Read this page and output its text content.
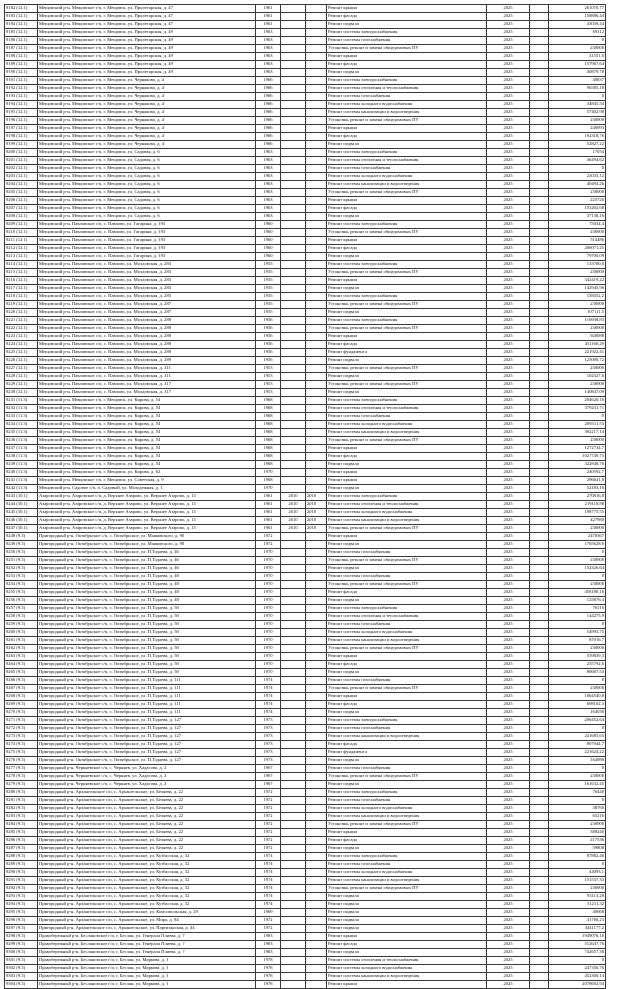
9182 (12.1)	Мещовский р-н, Мещовское г/п, г. Мещовск, ул. Пролетарская, д. 47	1961			Ремонт крыши	2025		261070,77
9183 (12.1)	Мещовский р-н, Мещовское г/п, г. Мещовск, ул. Пролетарская, д. 47	1961			Ремонт фасада	2025		158886,44
9184 (12.1)	Мещовский р-н, Мещовское г/п, г. Мещовск, ул. Пролетарская, д. 47	1961			Ремонт подвала	2025		43039,44
9185 (12.1)	Мещовский р-н, Мещовское г/п, г. Мещовск, ул. Пролетарская, д. 49	1963			Ремонт системы электроснабжения	2025		69112
9186 (12.1)	Мещовский р-н, Мещовское г/п, г. Мещовск, ул. Пролетарская, д. 49	1963			Ремонт системы газоснабжения	2025		0
9187 (12.1)	Мещовский р-н, Мещовское г/п, г. Мещовск, ул. Пролетарская, д. 49	1963			Установка, ремонт и замена общедомовых ПУ	2025		230000
9188 (12.1)	Мещовский р-н, Мещовское г/п, г. Мещовск, ул. Пролетарская, д. 49	1963			Ремонт крыши	2025		31551,0
9189 (12.1)	Мещовский р-н, Мещовское г/п, г. Мещовск, ул. Пролетарская, д. 49	1963			Ремонт фасада	2025		157967,64
9190 (12.1)	Мещовский р-н, Мещовское г/п, г. Мещовск, ул. Пролетарская, д. 49	1963			Ремонт подвала	2025		40879,78
9191 (12.1)	Мещовский р-н, Мещовское г/п, г. Мещовск, ул. Чернякова, д. 4	1966			Ремонт системы электроснабжения	2025		40837
9192 (12.1)	Мещовский р-н, Мещовское г/п, г. Мещовск, ул. Чернякова, д. 4	1966			Ремонт системы отопления и теплоснабжения	2025		96585,18
9193 (12.1)	Мещовский р-н, Мещовское г/п, г. Мещовск, ул. Чернякова, д. 4	1966			Ремонт системы газоснабжения	2025		0
9194 (12.1)	Мещовский р-н, Мещовское г/п, г. Мещовск, ул. Чернякова, д. 4	1966			Ремонт системы холодного водоснабжения	2025		34845,54
9195 (12.1)	Мещовский р-н, Мещовское г/п, г. Мещовск, ул. Чернякова, д. 4	1966			Ремонт системы канализации и водоотведения	2025		57402,98
9196 (12.1)	Мещовский р-н, Мещовское г/п, г. Мещовск, ул. Чернякова, д. 4	1966			Установка, ремонт и замена общедомовых ПУ	2025		230000
9197 (12.1)	Мещовский р-н, Мещовское г/п, г. Мещовск, ул. Чернякова, д. 4	1966			Ремонт крыши	2025		240093
9198 (12.1)	Мещовский р-н, Мещовское г/п, г. Мещовск, ул. Чернякова, д. 4	1966			Ремонт фасада	2025		192318,76
9199 (12.1)	Мещовский р-н, Мещовское г/п, г. Мещовск, ул. Чернякова, д. 4	1966			Ремонт подвала	2025		52827,22
9200 (12.1)	Мещовский р-н, Мещовское г/п, г. Мещовск, ул. Садовая, д. 6	1963			Ремонт системы электроснабжения	2025		17034
9201 (12.1)	Мещовский р-н, Мещовское г/п, г. Мещовск, ул. Садовая, д. 6	1963			Ремонт системы отопления и теплоснабжения	2025		46494,62
9202 (12.1)	Мещовский р-н, Мещовское г/п, г. Мещовск, ул. Садовая, д. 6	1963			Ремонт системы газоснабжения	2025		0
9203 (12.1)	Мещовский р-н, Мещовское г/п, г. Мещовск, ул. Садовая, д. 6	1963			Ремонт системы холодного водоснабжения	2025		23035,12
9204 (12.1)	Мещовский р-н, Мещовское г/п, г. Мещовск, ул. Садовая, д. 6	1963			Ремонт системы канализации и водоотведения	2025		40494,26
9205 (12.1)	Мещовский р-н, Мещовское г/п, г. Мещовск, ул. Садовая, д. 6	1963			Установка, ремонт и замена общедомовых ПУ	2025		230000
9206 (12.1)	Мещовский р-н, Мещовское г/п, г. Мещовск, ул. Садовая, д. 6	1963			Ремонт крыши	2025		225720
9207 (12.1)	Мещовский р-н, Мещовское г/п, г. Мещовск, ул. Садовая, д. 6	1963			Ремонт фасада	2025		155202,68
9208 (12.1)	Мещовский р-н, Мещовское г/п, г. Мещовск, ул. Садовая, д. 6	1963			Ремонт подвала	2025		37138,16
9209 (12.1)	Мещовский р-н, Павловское с/п, с. Павлово, ул. Гагарина, д. 193	1960			Ремонт системы электроснабжения	2025		75034,4
9210 (12.1)	Мещовский р-н, Павловское с/п, с. Павлово, ул. Гагарина, д. 193	1960			Установка, ремонт и замена общедомовых ПУ	2025		230000
9211 (12.1)	Мещовский р-н, Павловское с/п, с. Павлово, ул. Гагарина, д. 193	1960			Ремонт крыши	2025		514486
9212 (12.1)	Мещовский р-н, Павловское с/п, с. Павлово, ул. Гагарина, д. 193	1960			Ремонт фасада	2025		206071,25
9213 (12.1)	Мещовский р-н, Павловское с/п, с. Павлово, ул. Гагарина, д. 193	1960			Ремонт подвала	2025		79700,09
9214 (12.1)	Мещовский р-н, Павловское с/п, с. Павлово, ул. Молдовская, д. 283	1955			Ремонт системы электроснабжения	2025		133780,0
9215 (12.1)	Мещовский р-н, Павловское с/п, с. Павлово, ул. Молдовская, д. 283	1955			Установка, ремонт и замена общедомовых ПУ	2025		230000
9216 (12.1)	Мещовский р-н, Павловское с/п, с. Павлово, ул. Молдовская, д. 283	1955			Ремонт крыши	2025		342419,22
9217 (12.1)	Мещовский р-н, Павловское с/п, с. Павлово, ул. Молдовская, д. 283	1955			Ремонт подвала	2025		142945,96
9218 (12.1)	Мещовский р-н, Павловское с/п, с. Павлово, ул. Молдовская, д. 285	1955			Ремонт системы электроснабжения	2025		158352,2
9219 (12.1)	Мещовский р-н, Павловское с/п, с. Павлово, ул. Молдовская, д. 287	1955			Установка, ремонт и замена общедомовых ПУ	2025		230000
9220 (12.1)	Мещовский р-н, Павловское с/п, с. Павлово, ул. Молдовская, д. 287	1955			Ремонт подвала	2025		107111,5
9221 (12.1)	Мещовский р-н, Павловское с/п, с. Павлово, ул. Молдовская, д. 289	1956			Ремонт системы электроснабжения	2025		116938,83
9222 (12.1)	Мещовский р-н, Павловское с/п, с. Павлово, ул. Молдовская, д. 289	1956			Установка, ремонт и замена общедомовых ПУ	2025		230000
9223 (12.1)	Мещовский р-н, Павловское с/п, с. Павлово, ул. Молдовская, д. 289	1956			Ремонт крыши	2025		920088
9224 (12.1)	Мещовский р-н, Павловское с/п, с. Павлово, ул. Молдовская, д. 289	1956			Ремонт фасада	2025		451160,29
9225 (12.1)	Мещовский р-н, Павловское с/п, с. Павлово, ул. Молдовская, д. 289	1956			Ремонт фундамента	2025		221922,41
9226 (12.1)	Мещовский р-н, Павловское с/п, с. Павлово, ул. Молдовская, д. 289	1956			Ремонт подвала	2025		125000,72
9227 (12.1)	Мещовский р-н, Павловское с/п, с. Павлово, ул. Молдовская, д. 311	1953			Установка, ремонт и замена общедомовых ПУ	2025		230000
9228 (12.1)	Мещовский р-н, Павловское с/п, с. Павлово, ул. Молдовская, д. 311	1953			Ремонт подвала	2025		102327,6
9229 (12.1)	Мещовский р-н, Павловское с/п, с. Павлово, ул. Молдовская, д. 317	1953			Установка, ремонт и замена общедомовых ПУ	2025		230000
9230 (12.1)	Мещовский р-н, Павловское с/п, с. Павлово, ул. Молдовская, д. 317	1953			Ремонт подвала	2025		140847,09
9231 (11.3)	Мещовский р-н, Мещовское г/п, г. Мещовск, ул. Кирова, д. 54	1968			Ремонт системы электроснабжения	2025		204620,16
9232 (11.3)	Мещовский р-н, Мещовское г/п, г. Мещовск, ул. Кирова, д. 54	1968			Ремонт системы отопления и теплоснабжения	2025		379231,71
9233 (11.3)	Мещовский р-н, Мещовское г/п, г. Мещовск, ул. Кирова, д. 54	1968			Ремонт системы газоснабжения	2025		0
9234 (11.3)	Мещовский р-н, Мещовское г/п, г. Мещовск, ул. Кирова, д. 54	1968			Ремонт системы холодного водоснабжения	2025		209311,53
9235 (11.3)	Мещовский р-н, Мещовское г/п, г. Мещовск, ул. Кирова, д. 54	1968			Ремонт системы канализации и водоотведения	2025		392217,14
9236 (11.3)	Мещовский р-н, Мещовское г/п, г. Мещовск, ул. Кирова, д. 54	1968			Установка, ремонт и замена общедомовых ПУ	2025		230000
9237 (11.3)	Мещовский р-н, Мещовское г/п, г. Мещовск, ул. Кирова, д. 54	1968			Ремонт крыши	2025		1272734,7
9238 (11.3)	Мещовский р-н, Мещовское г/п, г. Мещовск, ул. Кирова, д. 54	1968			Ремонт фасада	2025		1027749,73
9239 (11.3)	Мещовский р-н, Мещовское г/п, г. Мещовск, ул. Кирова, д. 54	1968			Ремонт подвала	2025		322848,76
9240 (11.3)	Мещовский р-н, Мещовское г/п, г. Мещовск, ул. Кирова, д. 62	1970			Ремонт крыши	2025		240592,7
9241 (11.3)	Мещовский р-н, Мещовское г/п, г. Мещовск, ул. Советская, д. 9	1968			Ремонт крыши	2025		296641,8
9242 (11.3)	Мещовский р-н, Садовое с/п, п. Садовый, ул. Молодежная, д. 1	1970			Ремонт подвала	2025		52183,16
9243 (10.1)	Азаровский р-н, Азаровское с/п, д. Верхнее Азарово, ул. Верхнее Азарово, д. 13	1961	2010	2010	Ремонт системы электроснабжения	2025		270816,8
9244 (10.1)	Азаровский р-н, Азаровское с/п, д. Верхнее Азарово, ул. Верхнее Азарово, д. 13	1961	2010	2010	Ремонт системы отопления и теплоснабжения	2025		219118,88
9245 (10.1)	Азаровский р-н, Азаровское с/п, д. Верхнее Азарово, ул. Верхнее Азарово, д. 13	1961	2010	2010	Ремонт системы холодного водоснабжения	2025		198775,55
9246 (10.1)	Азаровский р-н, Азаровское с/п, д. Верхнее Азарово, ул. Верхнее Азарово, д. 13	1961	2010	2010	Ремонт системы канализации и водоотведения	2025		427980
9247 (10.1)	Азаровский р-н, Азаровское с/п, д. Верхнее Азарово, ул. Верхнее Азарово, д. 13	1961	2010	2010	Установка, ремонт и замена общедомовых ПУ	2025		230000
9248 (9.3)	Пригородный р-н, Октябрьское с/п, с. Октябрьское, ул. Маяковского, д. 90	1972			Ремонт крыши	2025		2478367
9249 (9.3)	Пригородный р-н, Октябрьское с/п, с. Октябрьское, ул. Маяковского, д. 90	1972			Ремонт подвала	2025		1765628,6
9250 (9.3)	Пригородный р-н, Октябрьское с/п, с. Октябрьское, ул. П.Тодаева, д. 46	1970			Ремонт системы газоснабжения	2025		0
9251 (9.3)	Пригородный р-н, Октябрьское с/п, с. Октябрьское, ул. П.Тодаева, д. 46	1970			Установка, ремонт и замена общедомовых ПУ	2025		230000
9252 (9.3)	Пригородный р-н, Октябрьское с/п, с. Октябрьское, ул. П.Тодаева, д. 46	1970			Ремонт подвала	2025		152326,64
9253 (9.3)	Пригородный р-н, Октябрьское с/п, с. Октябрьское, ул. П.Тодаева, д. 48	1970			Ремонт системы газоснабжения	2025		0
9254 (9.3)	Пригородный р-н, Октябрьское с/п, с. Октябрьское, ул. П.Тодаева, д. 48	1970			Установка, ремонт и замена общедомовых ПУ	2025		230000
9255 (9.3)	Пригородный р-н, Октябрьское с/п, с. Октябрьское, ул. П.Тодаева, д. 48	1970			Ремонт фасада	2025		458180,16
9256 (9.3)	Пригородный р-н, Октябрьское с/п, с. Октябрьское, ул. П.Тодаева, д. 48	1970			Ремонт подвала	2025		125876,4
9257 (9.3)	Пригородный р-н, Октябрьское с/п, с. Октябрьское, ул. П.Тодаева, д. 50	1970			Ремонт системы электроснабжения	2025		76116
9258 (9.3)	Пригородный р-н, Октябрьское с/п, с. Октябрьское, ул. П.Тодаева, д. 50	1970			Ремонт системы отопления и теплоснабжения	2025		144275,9
9259 (9.3)	Пригородный р-н, Октябрьское с/п, с. Октябрьское, ул. П.Тодаева, д. 50	1970			Ремонт системы газоснабжения	2025		0
9260 (9.3)	Пригородный р-н, Октябрьское с/п, с. Октябрьское, ул. П.Тодаева, д. 50	1970			Ремонт системы холодного водоснабжения	2025		54993,75
9261 (9.3)	Пригородный р-н, Октябрьское с/п, с. Октябрьское, ул. П.Тодаева, д. 50	1970			Ремонт системы канализации и водоотведения	2025		87016,7
9262 (9.3)	Пригородный р-н, Октябрьское с/п, с. Октябрьское, ул. П.Тодаева, д. 50	1970			Установка, ремонт и замена общедомовых ПУ	2025		230000
9263 (9.3)	Пригородный р-н, Октябрьское с/п, с. Октябрьское, ул. П.Тодаева, д. 50	1970			Ремонт крыши	2025		559839,3
9264 (9.3)	Пригородный р-н, Октябрьское с/п, с. Октябрьское, ул. П.Тодаева, д. 50	1970			Ремонт фасада	2025		255792,6
9265 (9.3)	Пригородный р-н, Октябрьское с/п, с. Октябрьское, ул. П.Тодаева, д. 50	1970			Ремонт подвала	2025		80667,53
9266 (9.3)	Пригородный р-н, Октябрьское с/п, с. Октябрьское, ул. П.Тодаева, д. 111	1974			Ремонт системы газоснабжения	2025		0
9267 (9.3)	Пригородный р-н, Октябрьское с/п, с. Октябрьское, ул. П.Тодаева, д. 111	1974			Установка, ремонт и замена общедомовых ПУ	2025		230000
9268 (9.3)	Пригородный р-н, Октябрьское с/п, с. Октябрьское, ул. П.Тодаева, д. 111	1974			Ремонт крыши	2025		1064540,8
9269 (9.3)	Пригородный р-н, Октябрьское с/п, с. Октябрьское, ул. П.Тодаева, д. 111	1974			Ремонт фасада	2025		698102,3
9270 (9.3)	Пригородный р-н, Октябрьское с/п, с. Октябрьское, ул. П.Тодаева, д. 111	1974			Ремонт подвала	2025		164038
9271 (9.3)	Пригородный р-н, Октябрьское с/п, с. Октябрьское, ул. П.Тодаева, д. 127	1973			Ремонт системы электроснабжения	2025		206452,64
9272 (9.3)	Пригородный р-н, Октябрьское с/п, с. Октябрьское, ул. П.Тодаева, д. 127	1973			Ремонт системы газоснабжения	2025		0
9273 (9.3)	Пригородный р-н, Октябрьское с/п, с. Октябрьское, ул. П.Тодаева, д. 127	1973			Ремонт системы канализации и водоотведения	2025		241685,63
9274 (9.3)	Пригородный р-н, Октябрьское с/п, с. Октябрьское, ул. П.Тодаева, д. 127	1973			Ремонт фасада	2025		807944,7
9275 (9.3)	Пригородный р-н, Октябрьское с/п, с. Октябрьское, ул. П.Тодаева, д. 127	1973			Ремонт фундамента	2025		221624,22
9276 (9.3)	Пригородный р-н, Октябрьское с/п, с. Октябрьское, ул. П.Тодаева, д. 127	1973			Ремонт подвала	2025		164988
9277 (9.3)	Пригородный р-н, Черняевское с/п, с. Черняев, ул. Хадасова, д. 2	1967			Ремонт системы газоснабжения	2025		0
9278 (9.3)	Пригородный р-н, Черняевское с/п, с. Черняев, ул. Хадасова, д. 2	1967			Установка, ремонт и замена общедомовых ПУ	2025		230000
9279 (9.3)	Пригородный р-н, Черняевское с/п, с. Черняев, ул. Хадасова, д. 2	1967			Ремонт подвала	2025		161632,45
9280 (9.3)	Пригородный р-н, Архангельское с/п, с. Архангельское, ул. Беляева, д. 22	1972			Ремонт системы электроснабжения	2025		76440
9281 (9.3)	Пригородный р-н, Архангельское с/п, с. Архангельское, ул. Беляева, д. 22	1972			Ремонт системы газоснабжения	2025		0
9282 (9.3)	Пригородный р-н, Архангельское с/п, с. Архангельское, ул. Беляева, д. 22	1972			Ремонт системы холодного водоснабжения	2025		38760
9283 (9.3)	Пригородный р-н, Архангельское с/п, с. Архангельское, ул. Беляева, д. 22	1972			Ремонт системы канализации и водоотведения	2025		65216
9284 (9.3)	Пригородный р-н, Архангельское с/п, с. Архангельское, ул. Беляева, д. 22	1972			Установка, ремонт и замена общедомовых ПУ	2025		230000
9285 (9.3)	Пригородный р-н, Архангельское с/п, с. Архангельское, ул. Беляева, д. 22	1972			Ремонт крыши	2025		388240
9286 (9.3)	Пригородный р-н, Архангельское с/п, с. Архангельское, ул. Беляева, д. 22	1972			Ремонт фасада	2025		217536
9287 (9.3)	Пригородный р-н, Архангельское с/п, с. Архангельское, ул. Беляева, д. 22	1972			Ремонт подвала	2025		59808
9288 (9.3)	Пригородный р-н, Архангельское с/п, с. Архангельское, ул. Кузбасская, д. 32	1974			Ремонт системы электроснабжения	2025		87882,48
9289 (9.3)	Пригородный р-н, Архангельское с/п, с. Архангельское, ул. Кузбасская, д. 32	1974			Ремонт системы газоснабжения	2025		0
9290 (9.3)	Пригородный р-н, Архангельское с/п, с. Архангельское, ул. Кузбасская, д. 32	1974			Ремонт системы холодного водоснабжения	2025		44093,1
9291 (9.3)	Пригородный р-н, Архангельское с/п, с. Архангельское, ул. Кузбасская, д. 32	1974			Ремонт системы канализации и водоотведения	2025		151537,33
9292 (9.3)	Пригородный р-н, Архангельское с/п, с. Архангельское, ул. Кузбасская, д. 32	1974			Установка, ремонт и замена общедомовых ПУ	2025		230000
9293 (9.3)	Пригородный р-н, Архангельское с/п, с. Архангельское, ул. Кузбасская, д. 32	1974			Ремонт подвала	2025		93113,28
9294 (9.3)	Пригородный р-н, Архангельское с/п, с. Архангельское, ул. Кузбасская, д. 32	1974			Ремонт подвала	2025		51211,32
9295 (9.3)	Пригородный р-н, Архангельское с/п, с. Архангельское, ул. Комсомольская, д. 29	1969			Ремонт подвала	2025		40668
9296 (9.3)	Пригородный р-н, Архангельское с/п, с. Архангельское, ул. Мира, д. 84	1972			Ремонт подвала	2025		41760,23
9297 (9.3)	Пригородный р-н, Архангельское с/п, с. Архангельское, ул. Партизанская, д. 44	1972			Ремонт подвала	2025		3441177,2
9298 (9.3)	Правобережный р-н, Беслановское г/п, г. Беслан, ул. Генерала Плиева, д. 7	1983			Ремонт крыши	2025		1949076,16
9299 (9.3)	Правобережный р-н, Беслановское г/п, г. Беслан, ул. Генерала Плиева, д. 7	1983			Ремонт фасада	2025		512647,76
9300 (9.3)	Правобережный р-н, Беслановское г/п, г. Беслан, ул. Генерала Плиева, д. 7	1983			Ремонт подвала	2025		742657,38
9301 (9.3)	Правобережный р-н, Беслановское г/п, г. Беслан, ул. Маркова, д. 1	1978			Ремонт системы отопления и теплоснабжения	2025		0
9302 (9.3)	Правобережный р-н, Беслановское г/п, г. Беслан, ул. Маркова, д. 1	1978			Ремонт системы холодного водоснабжения	2025		247356,76
9303 (9.3)	Правобережный р-н, Беслановское г/п, г. Беслан, ул. Маркова, д. 1	1978			Ремонт системы канализации и водоотведения	2025		452300,14
9304 (9.3)	Правобережный р-н, Беслановское г/п, г. Беслан, ул. Маркова, д. 1	1978			Ремонт крыши	2025		2078692,94
